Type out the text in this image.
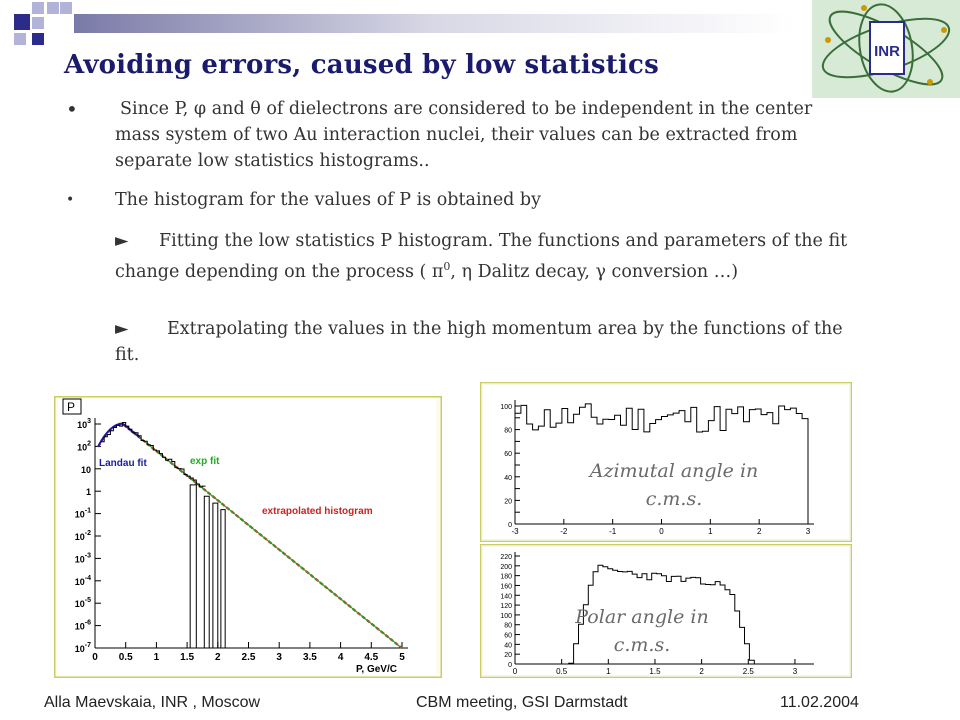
INR
Avoiding errors, caused by low statistics
• Since P, φ and θ of dielectrons are considered to be independent in the center mass system of two Au interaction nuclei, their values can be extracted from separate low statistics histograms..
• The histogram for the values of P is obtained by
► Fitting the low statistics P histogram. The functions and parameters of the fit change depending on the process ( $\pi^0$, η Dalitz decay, γ conversion …)
► Extrapolating the values in the high momentum area by the functions of the fit.
P
0 0.5 1 1.5 2 2.5 3 3.5 4 4.5 5
$10^3$
$10^2$
10
1
$10^{-1}$
$10^{-2}$
$10^{-3}$
$10^{-4}$
$10^{-5}$
$10^{-6}$
$10^{-7}$
Landau fit	exp fit
extrapolated histogram
P, GeV/C
-3	-2	-1	0	1	2	3
0
20
40
60
80
100
Azimutal angle in c.m.s.
0	0.5	1	1.5	2	2.5	3
0
20
40
60
80
100
120
140
160
180
200
220
Polar angle in c.m.s.
Alla Maevskaia, INR , Moscow	CBM meeting, GSI Darmstadt	11.02.2004
